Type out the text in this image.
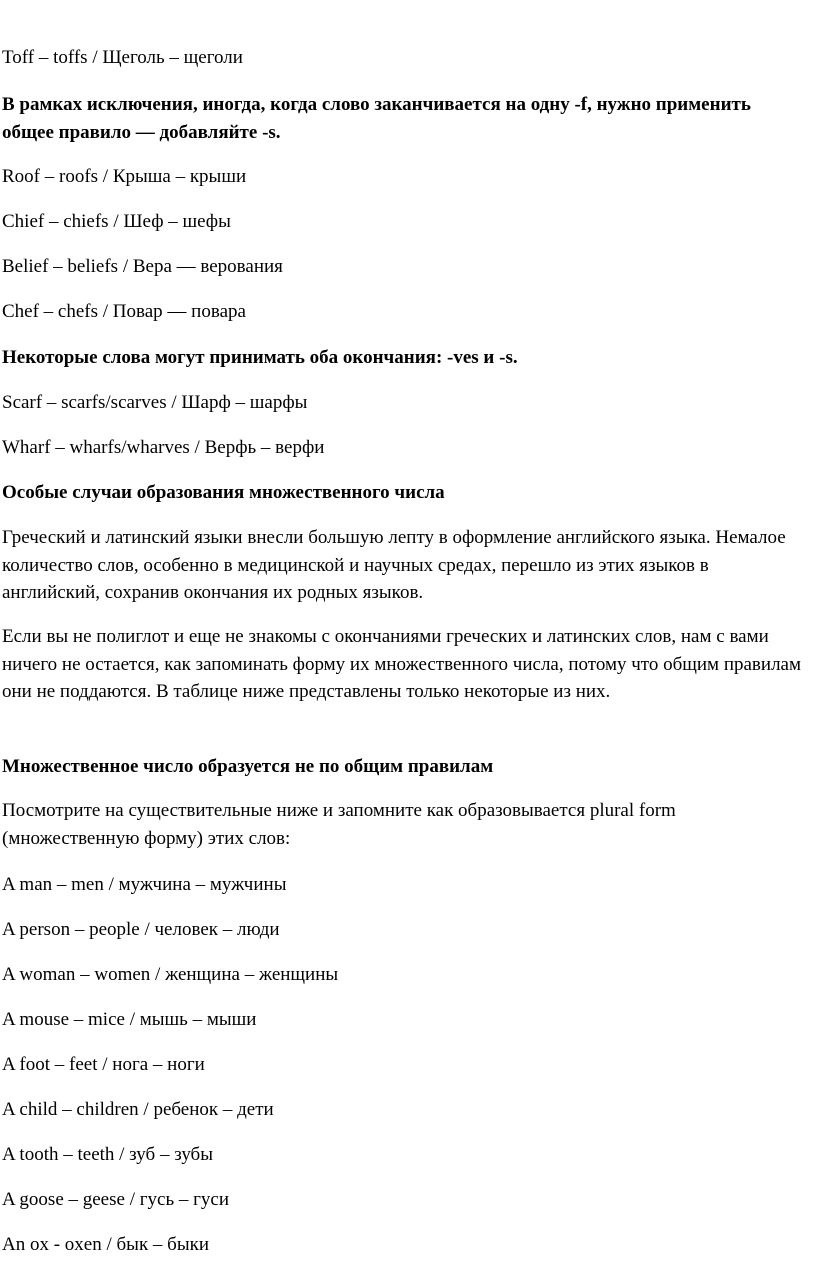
Toff – toffs / Щеголь – щеголи

В рамках исключения, иногда, когда слово заканчивается на одну -f, нужно применить общее правило — добавляйте -s.

Roof – roofs / Крыша – крыши

Chief – chiefs / Шеф – шефы

Belief – beliefs / Вера — верования

Chef – chefs / Повар — повара

Некоторые слова могут принимать оба окончания: -ves и -s.

Scarf – scarfs/scarves / Шарф – шарфы

Wharf – wharfs/wharves / Верфь – верфи

Особые случаи образования множественного числа

Греческий и латинский языки внесли большую лепту в оформление английского языка. Немалое количество слов, особенно в медицинской и научных средах, перешло из этих языков в английский, сохранив окончания их родных языков.

Если вы не полиглот и еще не знакомы с окончаниями греческих и латинских слов, нам с вами ничего не остается, как запоминать форму их множественного числа, потому что общим правилам они не поддаются. В таблице ниже представлены только некоторые из них.

Множественное число образуется не по общим правилам

Посмотрите на существительные ниже и запомните как образовывается plural form (множественную форму) этих слов:

A man – men / мужчина – мужчины

A person – people / человек – люди

A woman – women / женщина – женщины

A mouse – mice / мышь – мыши

A foot – feet / нога – ноги

A child – children / ребенок – дети

A tooth – teeth / зуб – зубы

A goose – geese / гусь – гуси

An ox - oxen / бык – быки
